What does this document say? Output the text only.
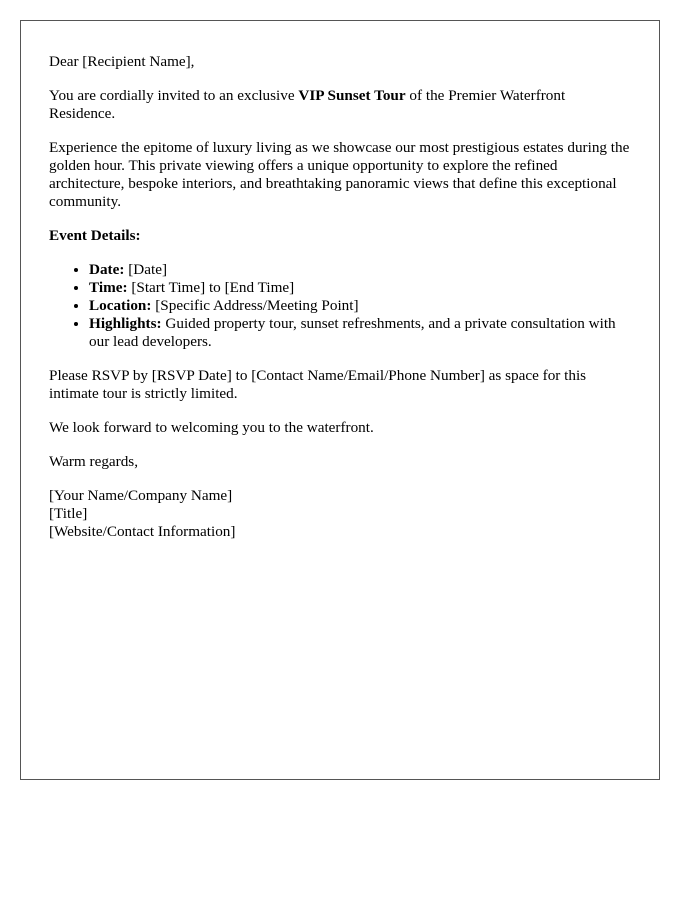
Dear [Recipient Name],

You are cordially invited to an exclusive VIP Sunset Tour of the Premier Waterfront Residence.

Experience the epitome of luxury living as we showcase our most prestigious estates during the golden hour. This private viewing offers a unique opportunity to explore the refined architecture, bespoke interiors, and breathtaking panoramic views that define this exceptional community.

Event Details:

• Date: [Date]
• Time: [Start Time] to [End Time]
• Location: [Specific Address/Meeting Point]
• Highlights: Guided property tour, sunset refreshments, and a private consultation with our lead developers.

Please RSVP by [RSVP Date] to [Contact Name/Email/Phone Number] as space for this intimate tour is strictly limited.

We look forward to welcoming you to the waterfront.

Warm regards,

[Your Name/Company Name]
[Title]
[Website/Contact Information]
